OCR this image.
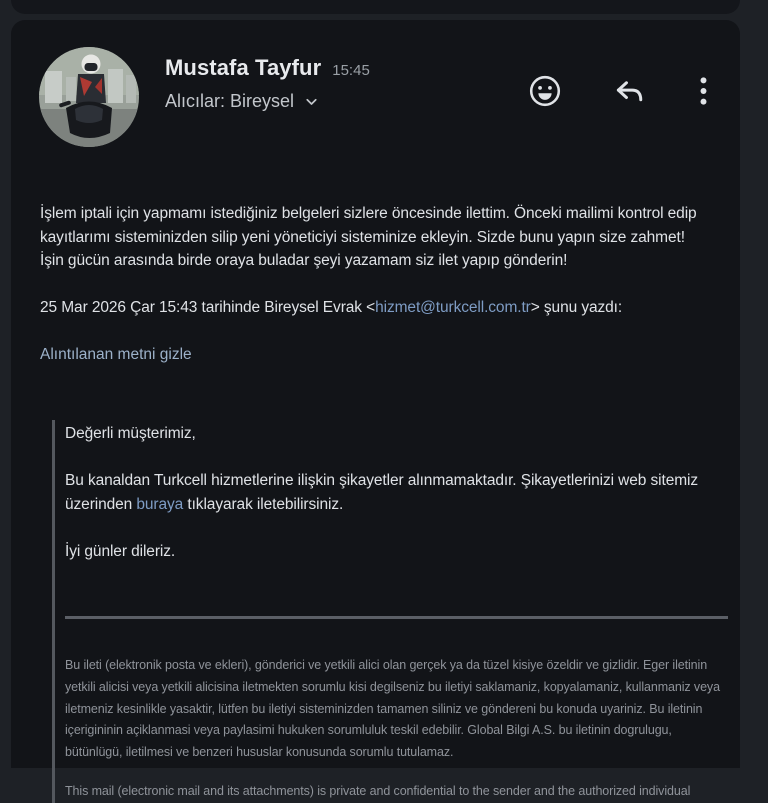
Mustafa Tayfur 15:45
Alıcılar: Bireysel

İşlem iptali için yapmamı istediğiniz belgeleri sizlere öncesinde ilettim. Önceki mailimi kontrol edip kayıtlarımı sisteminizden silip yeni yöneticiyi sisteminize ekleyin. Sizde bunu yapın size zahmet! İşin gücün arasında birde oraya buladar şeyi yazamam siz ilet yapıp gönderin!

25 Mar 2026 Çar 15:43 tarihinde Bireysel Evrak <hizmet@turkcell.com.tr> şunu yazdı:

Alıntılanan metni gizle

Değerli müşterimiz,

Bu kanaldan Turkcell hizmetlerine ilişkin şikayetler alınmamaktadır. Şikayetlerinizi web sitemiz üzerinden buraya tıklayarak iletebilirsiniz.

İyi günler dileriz.

Bu ileti (elektronik posta ve ekleri), gönderici ve yetkili alici olan gerçek ya da tüzel kisiye özeldir ve gizlidir. Eger iletinin yetkili alicisi veya yetkili alicisina iletmekten sorumlu kisi degilseniz bu iletiyi saklamaniz, kopyalamaniz, kullanmaniz veya iletmeniz kesinlikle yasaktir, lütfen bu iletiyi sisteminizden tamamen siliniz ve göndereni bu konuda uyariniz. Bu iletinin içerigininin açiklanmasi veya paylasimi hukuken sorumluluk teskil edebilir. Global Bilgi A.S. bu iletinin dogrulugu, bütünlügü, iletilmesi ve benzeri hususlar konusunda sorumlu tutulamaz.

This mail (electronic mail and its attachments) is private and confidential to the sender and the authorized individual
